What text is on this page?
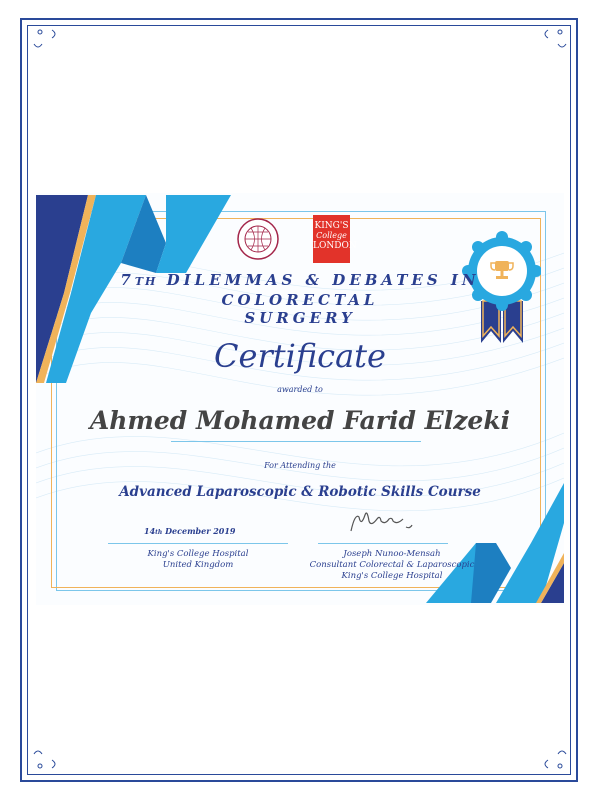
KING'S
College
LONDON
7TH DILEMMAS & DEBATES IN
COLORECTAL
SURGERY
Certificate
awarded to
Ahmed Mohamed Farid Elzeki
For Attending the
Advanced Laparoscopic & Robotic Skills Course
14th December 2019
King's College Hospital
United Kingdom
Joseph Nunoo-Mensah
Consultant Colorectal & Laparoscopic
King's College Hospital
